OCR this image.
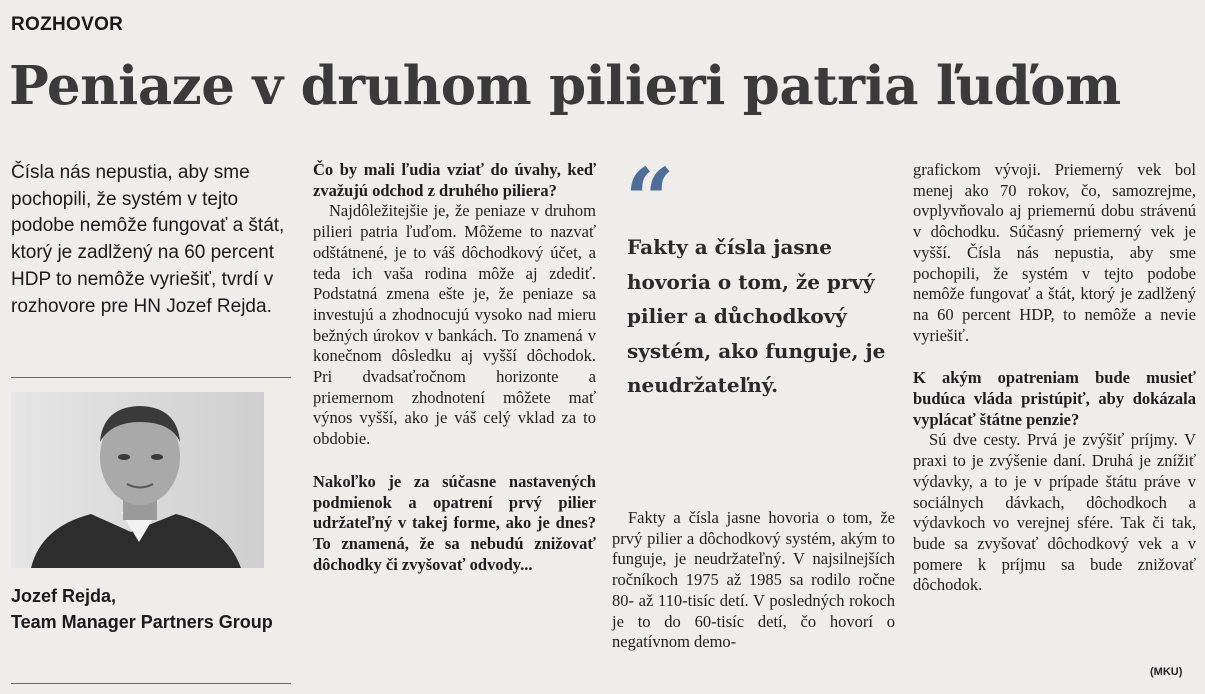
ROZHOVOR
Peniaze v druhom pilieri patria ľuďom
Čísla nás nepustia, aby sme pochopili, že systém v tejto podobe nemôže fungovať a štát, ktorý je zadlžený na 60 percent HDP to nemôže vyriešiť, tvrdí v rozhovore pre HN Jozef Rejda.
Jozef Rejda,
Team Manager Partners Group

Čo by mali ľudia vziať do úvahy, keď zvažujú odchod z druhého piliera?

Najdôležitejšie je, že peniaze v druhom pilieri patria ľuďom. Môžeme to nazvať odštátnené, je to váš dôchodkový účet, a teda ich vaša rodina môže aj zdediť. Podstatná zmena ešte je, že peniaze sa investujú a zhodnocujú vysoko nad mieru bežných úrokov v bankách. To znamená v konečnom dôsledku aj vyšší dôchodok. Pri dvadsaťročnom horizonte a priemernom zhodnotení môžete mať výnos vyšší, ako je váš celý vklad za to obdobie.

Nakoľko je za súčasne nastavených podmienok a opatrení prvý pilier udržateľný v takej forme, ako je dnes? To znamená, že sa nebudú znižovať dôchodky či zvyšovať odvody...

“
Fakty a čísla jasne hovoria o tom, že prvý pilier a důchodkový systém, ako funguje, je neudržateľný.

Fakty a čísla jasne hovoria o tom, že prvý pilier a dôchodkový systém, akým to funguje, je neudržateľný. V najsilnejších ročníkoch 1975 až 1985 sa rodilo ročne 80- až 110-tisíc detí. V posledných rokoch je to do 60-tisíc detí, čo hovorí o negatívnom demo-

grafickom vývoji. Priemerný vek bol menej ako 70 rokov, čo, samozrejme, ovplyvňovalo aj priemernú dobu strávenú v dôchodku. Súčasný priemerný vek je vyšší. Čísla nás nepustia, aby sme pochopili, že systém v tejto podobe nemôže fungovať a štát, ktorý je zadlžený na 60 percent HDP, to nemôže a nevie vyriešiť.

K akým opatreniam bude musieť budúca vláda pristúpiť, aby dokázala vyplácať štátne penzie?

Sú dve cesty. Prvá je zvýšiť príjmy. V praxi to je zvýšenie daní. Druhá je znížiť výdavky, a to je v prípade štátu práve v sociálnych dávkach, dôchodkoch a výdavkoch vo verejnej sfére. Tak či tak, bude sa zvyšovať dôchodkový vek a v pomere k príjmu sa bude znižovať dôchodok.

(MKU)
